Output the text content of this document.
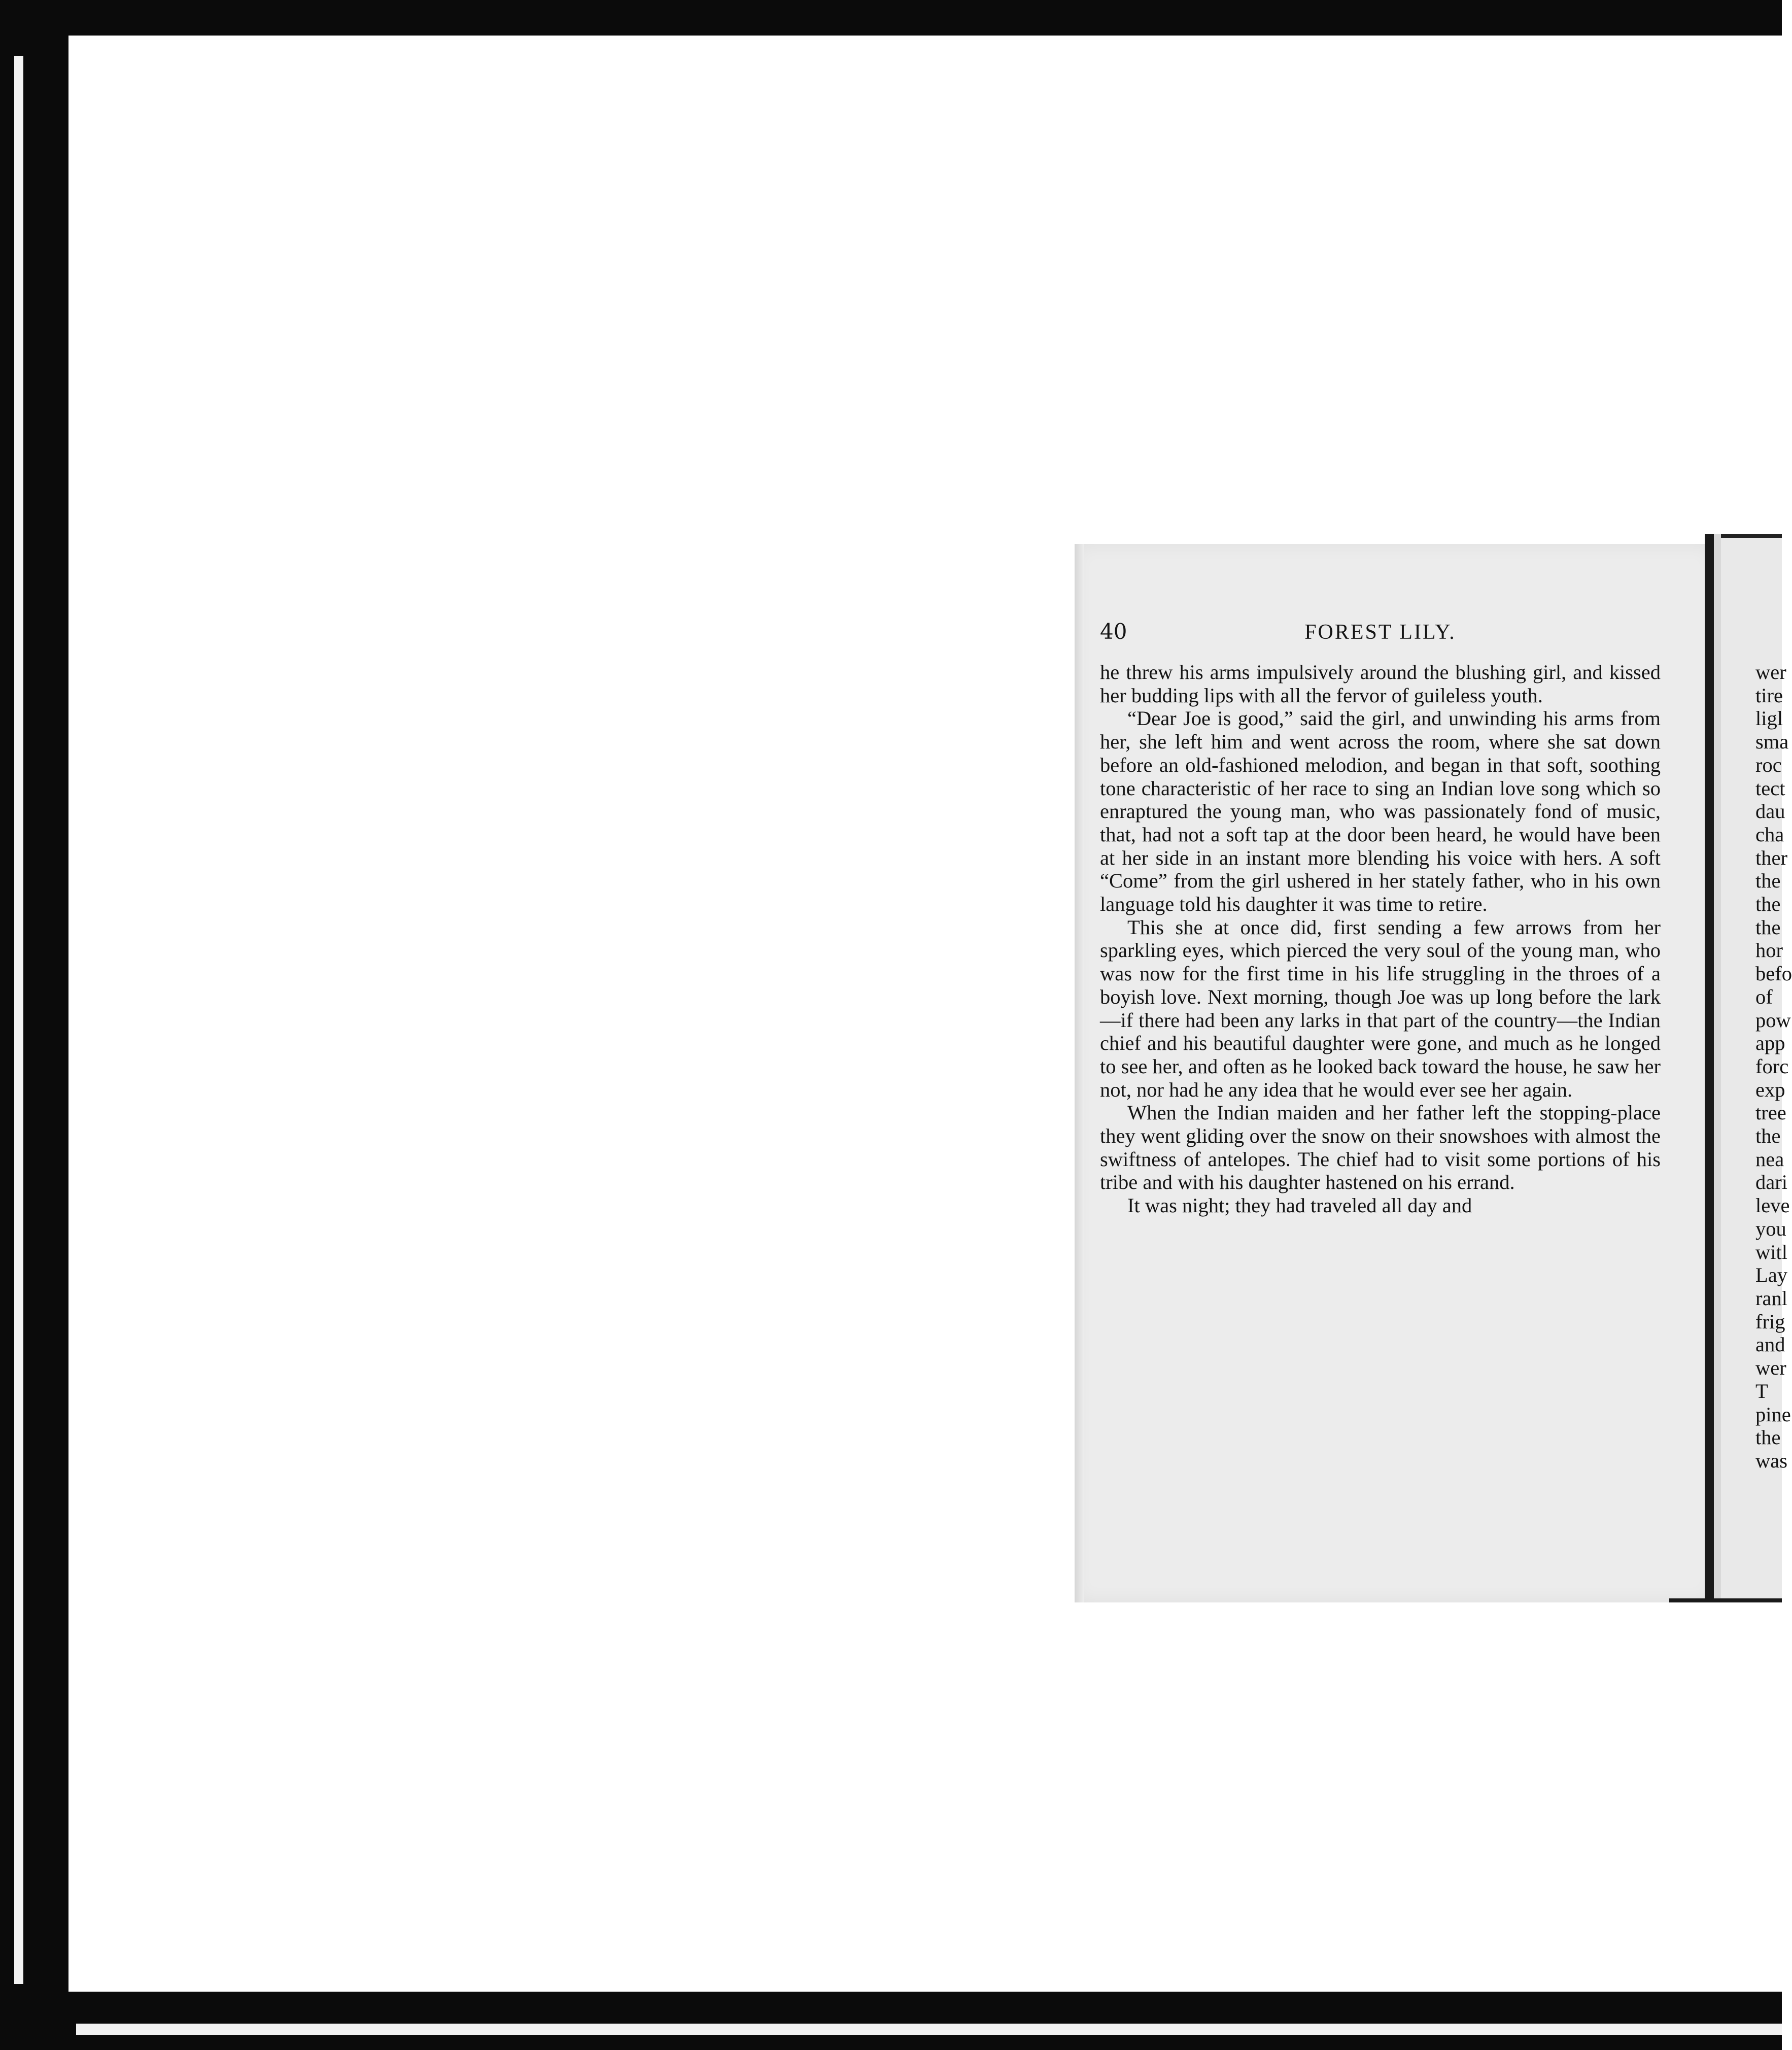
40	FOREST LILY.

he threw his arms impulsively around the blushing girl, and kissed her budding lips with all the fervor of guileless youth.

“Dear Joe is good,” said the girl, and unwinding his arms from her, she left him and went across the room, where she sat down before an old-fashioned melodion, and began in that soft, soothing tone characteristic of her race to sing an Indian love song which so enraptured the young man, who was passionately fond of music, that, had not a soft tap at the door been heard, he would have been at her side in an instant more blending his voice with hers. A soft “Come” from the girl ushered in her stately father, who in his own language told his daughter it was time to retire.

This she at once did, first sending a few arrows from her sparkling eyes, which pierced the very soul of the young man, who was now for the first time in his life struggling in the throes of a boyish love. Next morning, though Joe was up long before the lark—if there had been any larks in that part of the country—the Indian chief and his beautiful daughter were gone, and much as he longed to see her, and often as he looked back toward the house, he saw her not, nor had he any idea that he would ever see her again.

When the Indian maiden and her father left the stopping-place they went gliding over the snow on their snowshoes with almost the swiftness of antelopes. The chief had to visit some portions of his tribe and with his daughter hastened on his errand.

It was night; they had traveled all day and

wer
tire
ligl
sma
roc
tect
dau
cha
ther
the
the
the
hor
befo
of
pow
app
forc
exp
tree
the
nea
dari
leve
you
witl
Lay
ranl
frig
and
wer
T
pine
the
was
